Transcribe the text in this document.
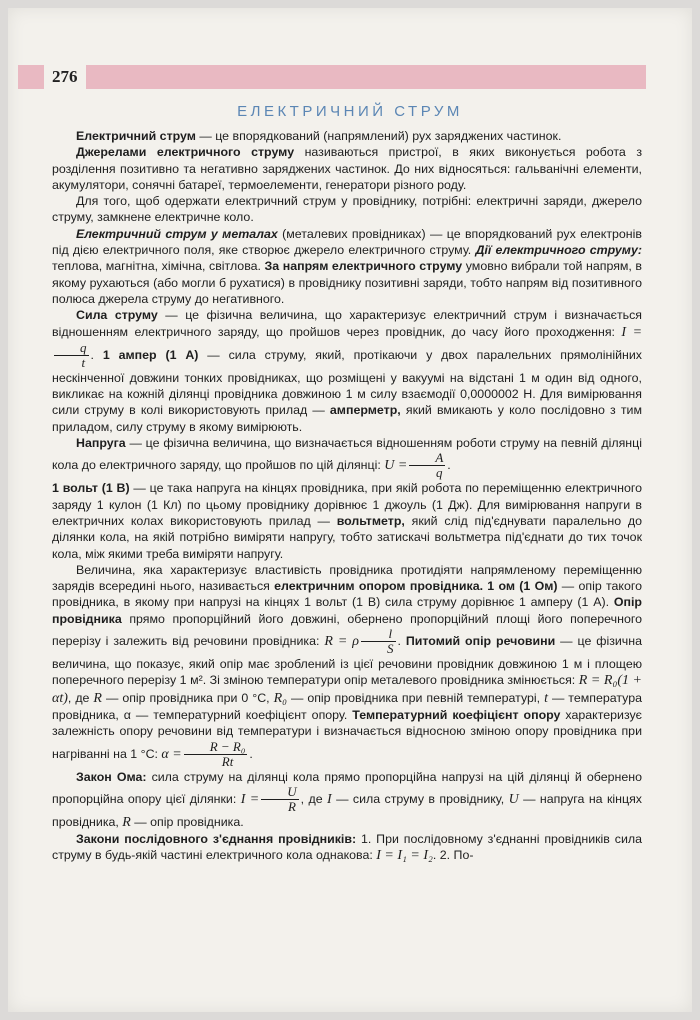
276
ЕЛЕКТРИЧНИЙ СТРУМ

Електричний струм — це впорядкований (напрямлений) рух заряджених частинок.

Джерелами електричного струму називаються пристрої, в яких виконується робота з розділення позитивно та негативно заряджених частинок. До них відносяться: гальванічні елементи, акумулятори, сонячні батареї, термоелементи, генератори різного роду.

Для того, щоб одержати електричний струм у провіднику, потрібні: електричні заряди, джерело струму, замкнене електричне коло.

Електричний струм у металах (металевих провідниках) — це впорядкований рух електронів під дією електричного поля, яке створює джерело електричного струму. Дії електричного струму: теплова, магнітна, хімічна, світлова. За напрям електричного струму умовно вибрали той напрям, в якому рухаються (або могли б рухатися) в провіднику позитивні заряди, тобто напрям від позитивного полюса джерела струму до негативного.

Сила струму — це фізична величина, що характеризує електричний струм і визначається відношенням електричного заряду, що пройшов через провідник, до часу його проходження: I =
$\frac{q}{t}$ . 1 ампер (1 А) — сила струму, який, протікаючи у двох паралельних прямолінійних нескінченної довжини тонких провідниках, що розміщені у вакуумі на відстані 1 м один від одного, викликає на кожній ділянці провідника довжиною 1 м силу взаємодії 0,0000002 Н. Для вимірювання сили струму в колі використовують прилад — амперметр, який вмикають у коло послідовно з тим приладом, силу струму в якому вимірюють.

Напруга — це фізична величина, що визначається відношенням роботи струму на певній ділянці кола до електричного заряду, що пройшов по цій ділянці: $U = \frac{A}{q}$ .

1 вольт (1 В) — це така напруга на кінцях провідника, при якій робота по переміщенню електричного заряду 1 кулон (1 Кл) по цьому провіднику дорівнює 1 джоуль (1 Дж). Для вимірювання напруги в електричних колах використовують прилад — вольтметр, який слід під'єднувати паралельно до ділянки кола, на якій потрібно виміряти напругу, тобто затискачі вольтметра під'єднати до тих точок кола, між якими треба виміряти напругу.

Величина, яка характеризує властивість провідника протидіяти напрямленому переміщенню зарядів всередині нього, називається електричним опором провідника. 1 ом (1 Ом) — опір такого провідника, в якому при напрузі на кінцях 1 вольт (1 В) сила струму дорівнює 1 амперу (1 А). Опір провідника прямо пропорційний його довжині, обернено пропорційний площі його поперечного перерізу і залежить від речовини провідника: R = ρ $\frac{l}{S}$ . Питомий опір речовини — це фізична величина, що показує, який опір має зроблений із цієї речовини провідник довжиною 1 м і площею поперечного перерізу 1 м². Зі зміною температури опір металевого провідника змінюється: R = R₀(1 + αt), де R — опір провідника при 0 °С, R₀ — опір провідника при певній температурі, t — температура провідника, α — температурний коефіцієнт опору. Температурний коефіцієнт опору характеризує залежність опору речовини від температури і визначається відносною зміною опору провідника при нагріванні на 1 °С: $\alpha = \frac{\text{R − R₀}}{Rt}$ .

Закон Ома: сила струму на ділянці кола прямо пропорційна напрузі на цій ділянці й обернено пропорційна опору цієї ділянки: $I = \frac{U}{R}$ , де I — сила струму в провіднику, U — напруга на кінцях провідника, R — опір провідника.

Закони послідовного з'єднання провідників: 1. При послідовному з'єднанні провідників сила струму в будь-якій частині електричного кола однакова: I = I₁ = I₂. 2. По-
